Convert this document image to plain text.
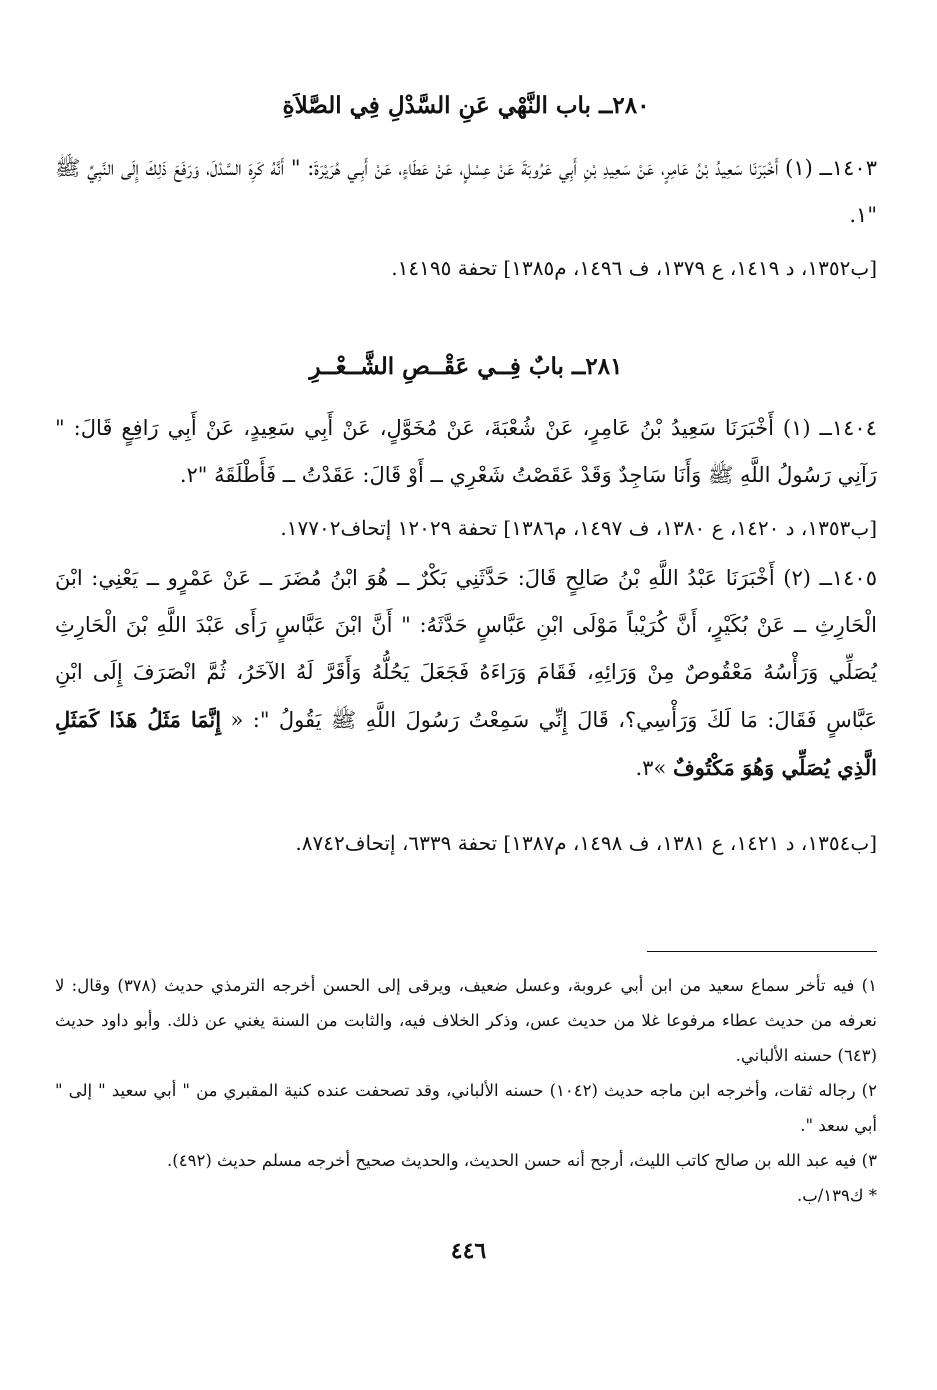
٢٨٠ــ باب النَّهْي عَنِ السَّدْلِ فِي الصَّلاَةِ
١٤٠٣ــ (١) أَخْبَرَنَا سَعِيدُ بْنُ عَامِرٍ، عَنْ سَعِيدِ بْنِ أَبِي عَرُوبَةَ عَنْ عِسْلٍ، عَنْ عَطَاءٍ، عَنْ أَبِـي هُرَيْرَةَ: " أَنَّهُ كَرِهَ السَّدْلَ، وَرَفَعَ ذَلِكَ إِلَى النَّبِيِّ ﷺ "١.
[ب١٣٥٢، د ١٤١٩، ع ١٣٧٩، ف ١٤٩٦، م١٣٨٥] تحفة ١٤١٩٥.
٢٨١ــ بابٌ فِــي عَقْــصِ الشَّــعْــرِ
١٤٠٤ــ (١) أَخْبَرَنَا سَعِيدُ بْنُ عَامِرٍ، عَنْ شُعْبَةَ، عَنْ مُخَوَّلٍ، عَنْ أَبِي سَعِيدٍ، عَنْ أَبِي رَافِعٍ قَالَ: " رَآنِي رَسُولُ اللَّهِ ﷺ وَأَنَا سَاجِدٌ وَقَدْ عَقَصْتُ شَعْرِي ــ أَوْ قَالَ: عَقَدْتُ ــ فَأَطْلَقَهُ "٢.
[ب١٣٥٣، د ١٤٢٠، ع ١٣٨٠، ف ١٤٩٧، م١٣٨٦] تحفة ١٢٠٢٩ إتحاف١٧٧٠٢.
١٤٠٥ــ (٢) أَخْبَرَنَا عَبْدُ اللَّهِ بْنُ صَالِحٍ قَالَ: حَدَّثَنِي بَكْرٌ ــ هُوَ ابْنُ مُضَرَ ــ عَنْ عَمْرٍو ــ يَعْنِي: ابْنَ الْحَارِثِ ــ عَنْ بُكَيْرٍ، أَنَّ كُرَيْباً مَوْلَى ابْنِ عَبَّاسٍ حَدَّثَهُ: " أَنَّ ابْنَ عَبَّاسٍ رَأَى عَبْدَ اللَّهِ بْنَ الْحَارِثِ يُصَلِّي وَرَأْسُهُ مَعْقُوصٌ مِنْ وَرَائِهِ، فَقَامَ وَرَاءَهُ فَجَعَلَ يَحُلُّهُ وَأَقَرَّ لَهُ الآخَرُ، ثُمَّ انْصَرَفَ إِلَى ابْنِ عَبَّاسٍ فَقَالَ: مَا لَكَ وَرَأْسِي؟، قَالَ إِنِّي سَمِعْتُ رَسُولَ اللَّهِ ﷺ يَقُولُ ": « إِنَّمَا مَثَلُ هَذَا كَمَثَلِ الَّذِي يُصَلِّي وَهُوَ مَكْتُوفٌ »٣.
[ب١٣٥٤، د ١٤٢١، ع ١٣٨١، ف ١٤٩٨، م١٣٨٧] تحفة ٦٣٣٩، إتحاف٨٧٤٢.

١) فيه تأخر سماع سعيد من ابن أبي عروبة، وعسل ضعيف، ويرقى إلى الحسن أخرجه الترمذي حديث (٣٧٨) وقال: لا نعرفه من حديث عطاء مرفوعا غلا من حديث عس، وذكر الخلاف فيه، والثابت من السنة يغني عن ذلك. وأبو داود حديث (٦٤٣) حسنه الألباني.

٢) رجاله ثقات، وأخرجه ابن ماجه حديث (١٠٤٢) حسنه الألباني، وقد تصحفت عنده كنية المقبري من " أبي سعيد " إلى " أبي سعد ".

٣) فيه عبد الله بن صالح كاتب الليث، أرجح أنه حسن الحديث، والحديث صحيح أخرجه مسلم حديث (٤٩٢).

* ك١٣٩/ب.

٤٤٦
